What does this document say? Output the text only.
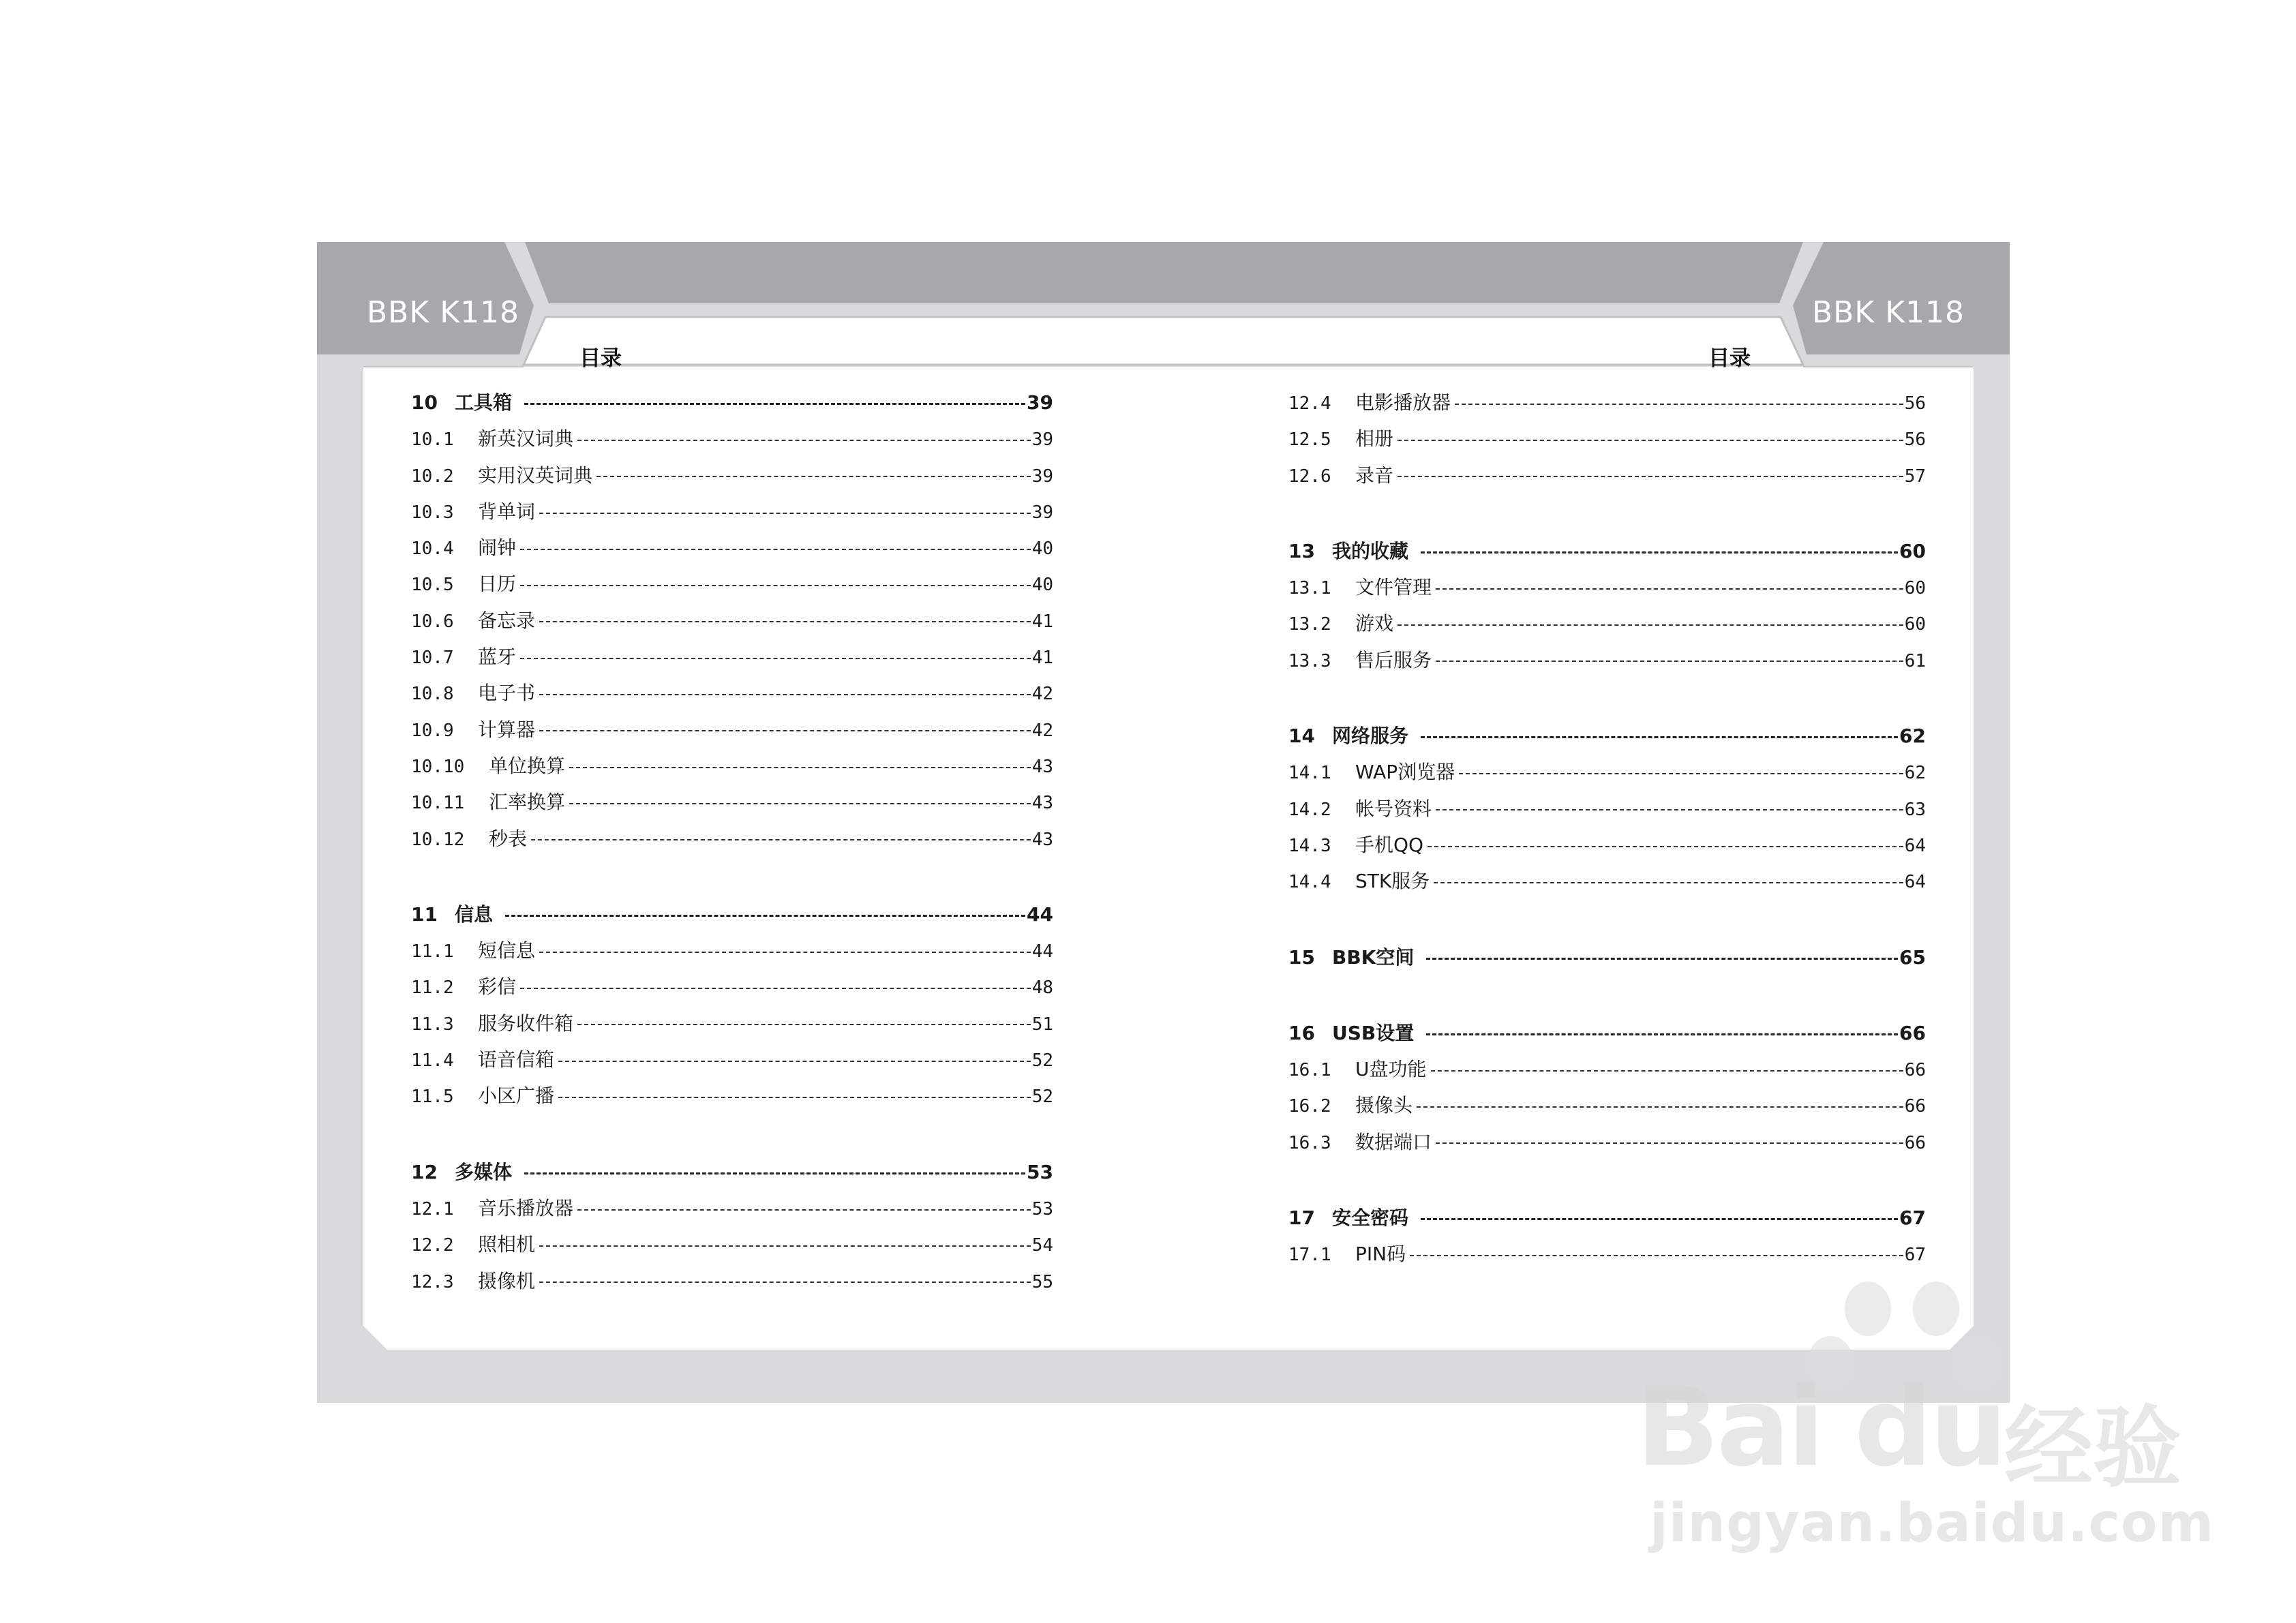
BBK K118	BBK K118
目录	目录
10 工具箱	39
10.1	新英汉词典	39
10.2	实用汉英词典	39
10.3	背单词	39
10.4	闹钟	40
10.5	日历	40
10.6	备忘录	41
10.7	蓝牙	41
10.8	电子书	42
10.9	计算器	42
10.10	单位换算	43
10.11	汇率换算	43
10.12	秒表	43
11 信息	44
11.1	短信息	44
11.2	彩信	48
11.3	服务收件箱	51
11.4	语音信箱	52
11.5	小区广播	52
12 多媒体	53
12.1	音乐播放器	53
12.2	照相机	54
12.3	摄像机	55
12.4	电影播放器	56
12.5	相册	56
12.6	录音	57
13 我的收藏	60
13.1	文件管理	60
13.2	游戏	60
13.3	售后服务	61
14 网络服务	62
14.1	WAP浏览器	62
14.2	帐号资料	63
14.3	手机QQ	64
14.4	STK服务	64
15 BBK空间	65
16 USB设置	66
16.1	U盘功能	66
16.2	摄像头	66
16.3	数据端口	66
17 安全密码	67
17.1	PIN码	67
Bai du 经验
jingyan.baidu.com
